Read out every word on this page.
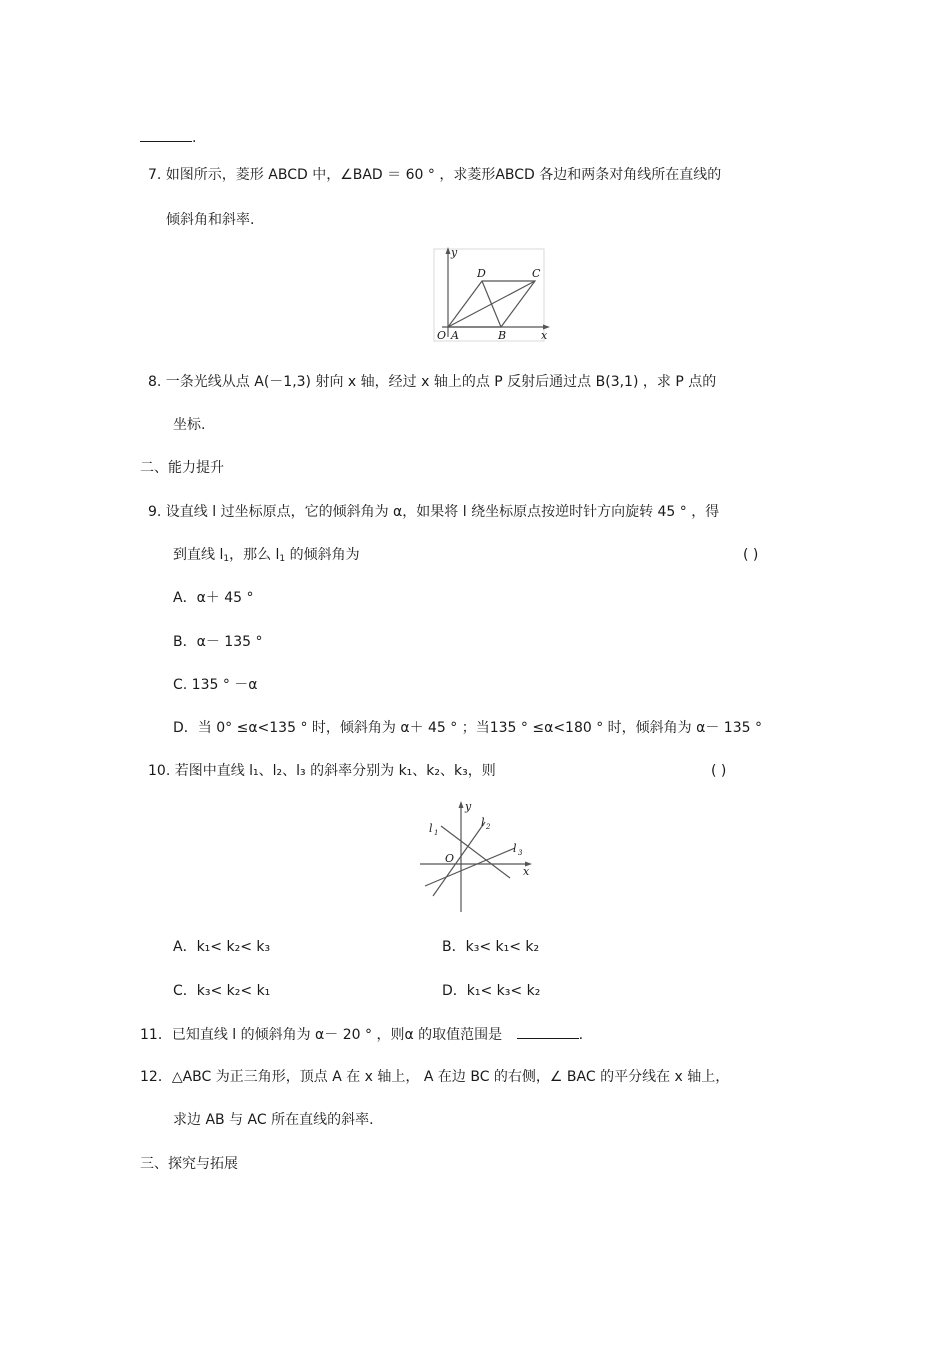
.
7. 如图所示，菱形 ABCD 中，∠BAD ＝ 60 ° ，求菱形ABCD 各边和两条对角线所在直线的
倾斜角和斜率.
y
x
O A	B
C
D
8. 一条光线从点 A(－1,3) 射向 x 轴，经过 x 轴上的点 P 反射后通过点 B(3,1) ，求 P 点的
坐标.
二、能力提升
9. 设直线 l 过坐标原点，它的倾斜角为 α，如果将 l 绕坐标原点按逆时针方向旋转 45 ° ，得
到直线 $l_1$，那么 $l_1$ 的倾斜角为	( )
A．α＋ 45 °
B．α－ 135 °
C. 135 ° －α
D．当 0° ≤α<135 ° 时，倾斜角为 α＋ 45 ° ；当135 ° ≤α<180 ° 时，倾斜角为 α－ 135 °
10. 若图中直线 l₁、l₂、l₃ 的斜率分别为 k₁、k₂、k₃，则	( )
y
x
O
l 1
l 2
l 3
A．k₁< k₂< k₃	B．k₃< k₁< k₂
C．k₃< k₂< k₁	D．k₁< k₃< k₂
11．已知直线 l 的倾斜角为 α－ 20 ° ，则α 的取值范围是	.
12．△ABC 为正三角形，顶点 A 在 x 轴上， A 在边 BC 的右侧，∠ BAC 的平分线在 x 轴上，
求边 AB 与 AC 所在直线的斜率.
三、探究与拓展
